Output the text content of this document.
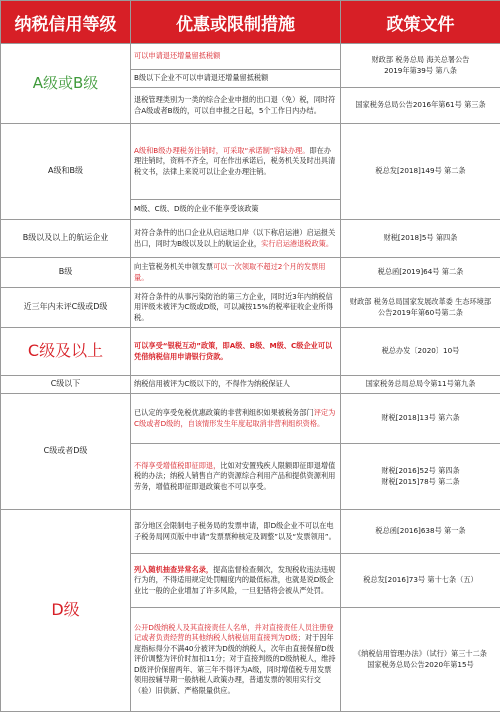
纳税信用等级	优惠或限制措施	政策文件
A级或B级	可以申请退还增量留抵税额	财政部 税务总局 海关总署公告
2019年第39号 第八条

	B级以下企业不可以申请退还增量留抵税额	
	退税管理类别为一类的综合企业申报的出口退（免）税，同时符合A级或者B级的，可以自申报之日起，5个工作日内办结。	国家税务总局公告2016年第61号 第三条
A级和B级	A级和B级办理税务注销时，可采取“承诺制”容缺办理。即在办理注销时，资料不齐全，可在作出承诺后，税务机关及时出具清税文书，法律上来说可以让企业办理注销。	税总发[2018]149号 第二条
	M级、C级、D级的企业不能享受该政策	
B级以及以上的航运企业	对符合条件的出口企业从启运地口岸（以下称启运港）启运报关出口，同时为B级以及以上的航运企业，实行启运港退税政策。	财税[2018]5号 第四条
B级	向主管税务机关申领发票可以一次领取不超过2个月的发票用量。	税总函[2019]64号 第二条
近三年内未评C级或D级	对符合条件的从事污染防治的第三方企业，同时近3年内纳税信用评级未被评为C级或D级，可以减按15%的税率征收企业所得税。	财政部 税务总局国家发展改革委 生态环境部
公告2019年第60号第二条

C级及以上	可以享受“银税互动”政策，即A级、B级、M级、C级企业可以凭借纳税信用申请银行贷款。	税总办发〔2020〕10号
C级以下	纳税信用被评为C级以下的，不得作为纳税保证人	国家税务总局总局令第11号第九条
C级或者D级	已认定的享受免税优惠政策的非营利组织如果被税务部门评定为C级或者D级的，自该情形发生年度起取消非营利组织资格。	财税[2018]13号 第六条
	不得享受增值税即征即退，比如对安置残疾人限额即征即退增值税的办法；纳税人销售自产的资源综合利用产品和提供资源利用劳务，增值税即征即退政策也不可以享受。	财税[2016]52号 第四条
财税[2015]78号 第二条

D级	部分地区会限制电子税务局的发票申请，即D级企业不可以在电子税务局网页版中申请“发票票种核定及调整”以及“发票领用”。	税总函[2016]638号 第一条
	列入随机抽查异常名录，提高监督检查频次，发现税收违法违规行为的，不得适用规定处罚幅度内的最低标准，也就是说D级企业比一般的企业增加了许多风险，一旦犯错将会被从严处罚。	税总发[2016]73号 第十七条（五）
	公开D级纳税人及其直接责任人名单，并对直接责任人员注册登记或者负责经营的其他纳税人纳税信用直接判为D级；对于因年度指标得分不满40分被评为D级的纳税人，次年由直接保留D级评价调整为评价时加扣11分；对于直接判级的D级纳税人，维持D级评价保留两年、第三年不得评为A级，同时增值税专用发票领用按辅导期一般纳税人政策办理，普通发票的领用实行交（验）旧供新、严格限量供应。	《纳税信用管理办法》（试行）第三十二条
国家税务总局公告2020年第15号
